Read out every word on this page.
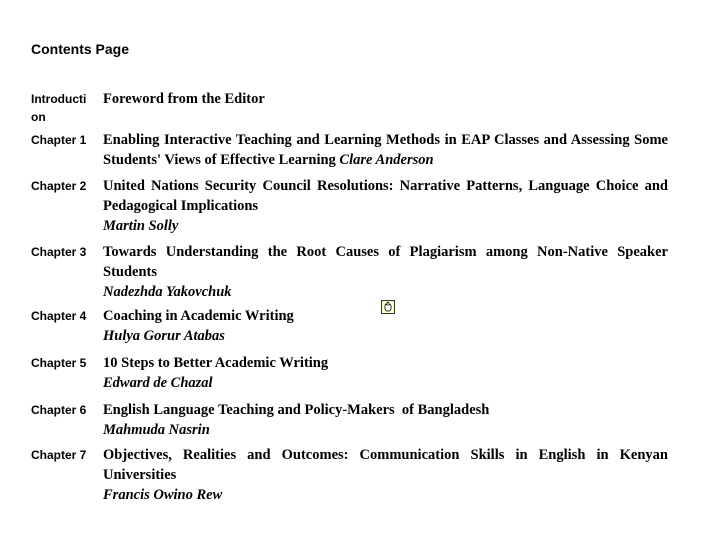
Contents Page
Introduction
Foreword from the Editor
Chapter 1 Enabling Interactive Teaching and Learning Methods in EAP Classes and Assessing Some Students' Views of Effective Learning Clare Anderson
Chapter 2 United Nations Security Council Resolutions: Narrative Patterns, Language Choice and Pedagogical Implications
Martin Solly
Chapter 3 Towards Understanding the Root Causes of Plagiarism among Non-Native Speaker Students
Nadezhda Yakovchuk
Chapter 4 Coaching in Academic Writing
Hulya Gorur Atabas
Chapter 5 10 Steps to Better Academic Writing
Edward de Chazal
Chapter 6 English Language Teaching and Policy-Makers  of Bangladesh
Mahmuda Nasrin
Chapter 7 Objectives, Realities and Outcomes: Communication Skills in English in Kenyan Universities
Francis Owino Rew
